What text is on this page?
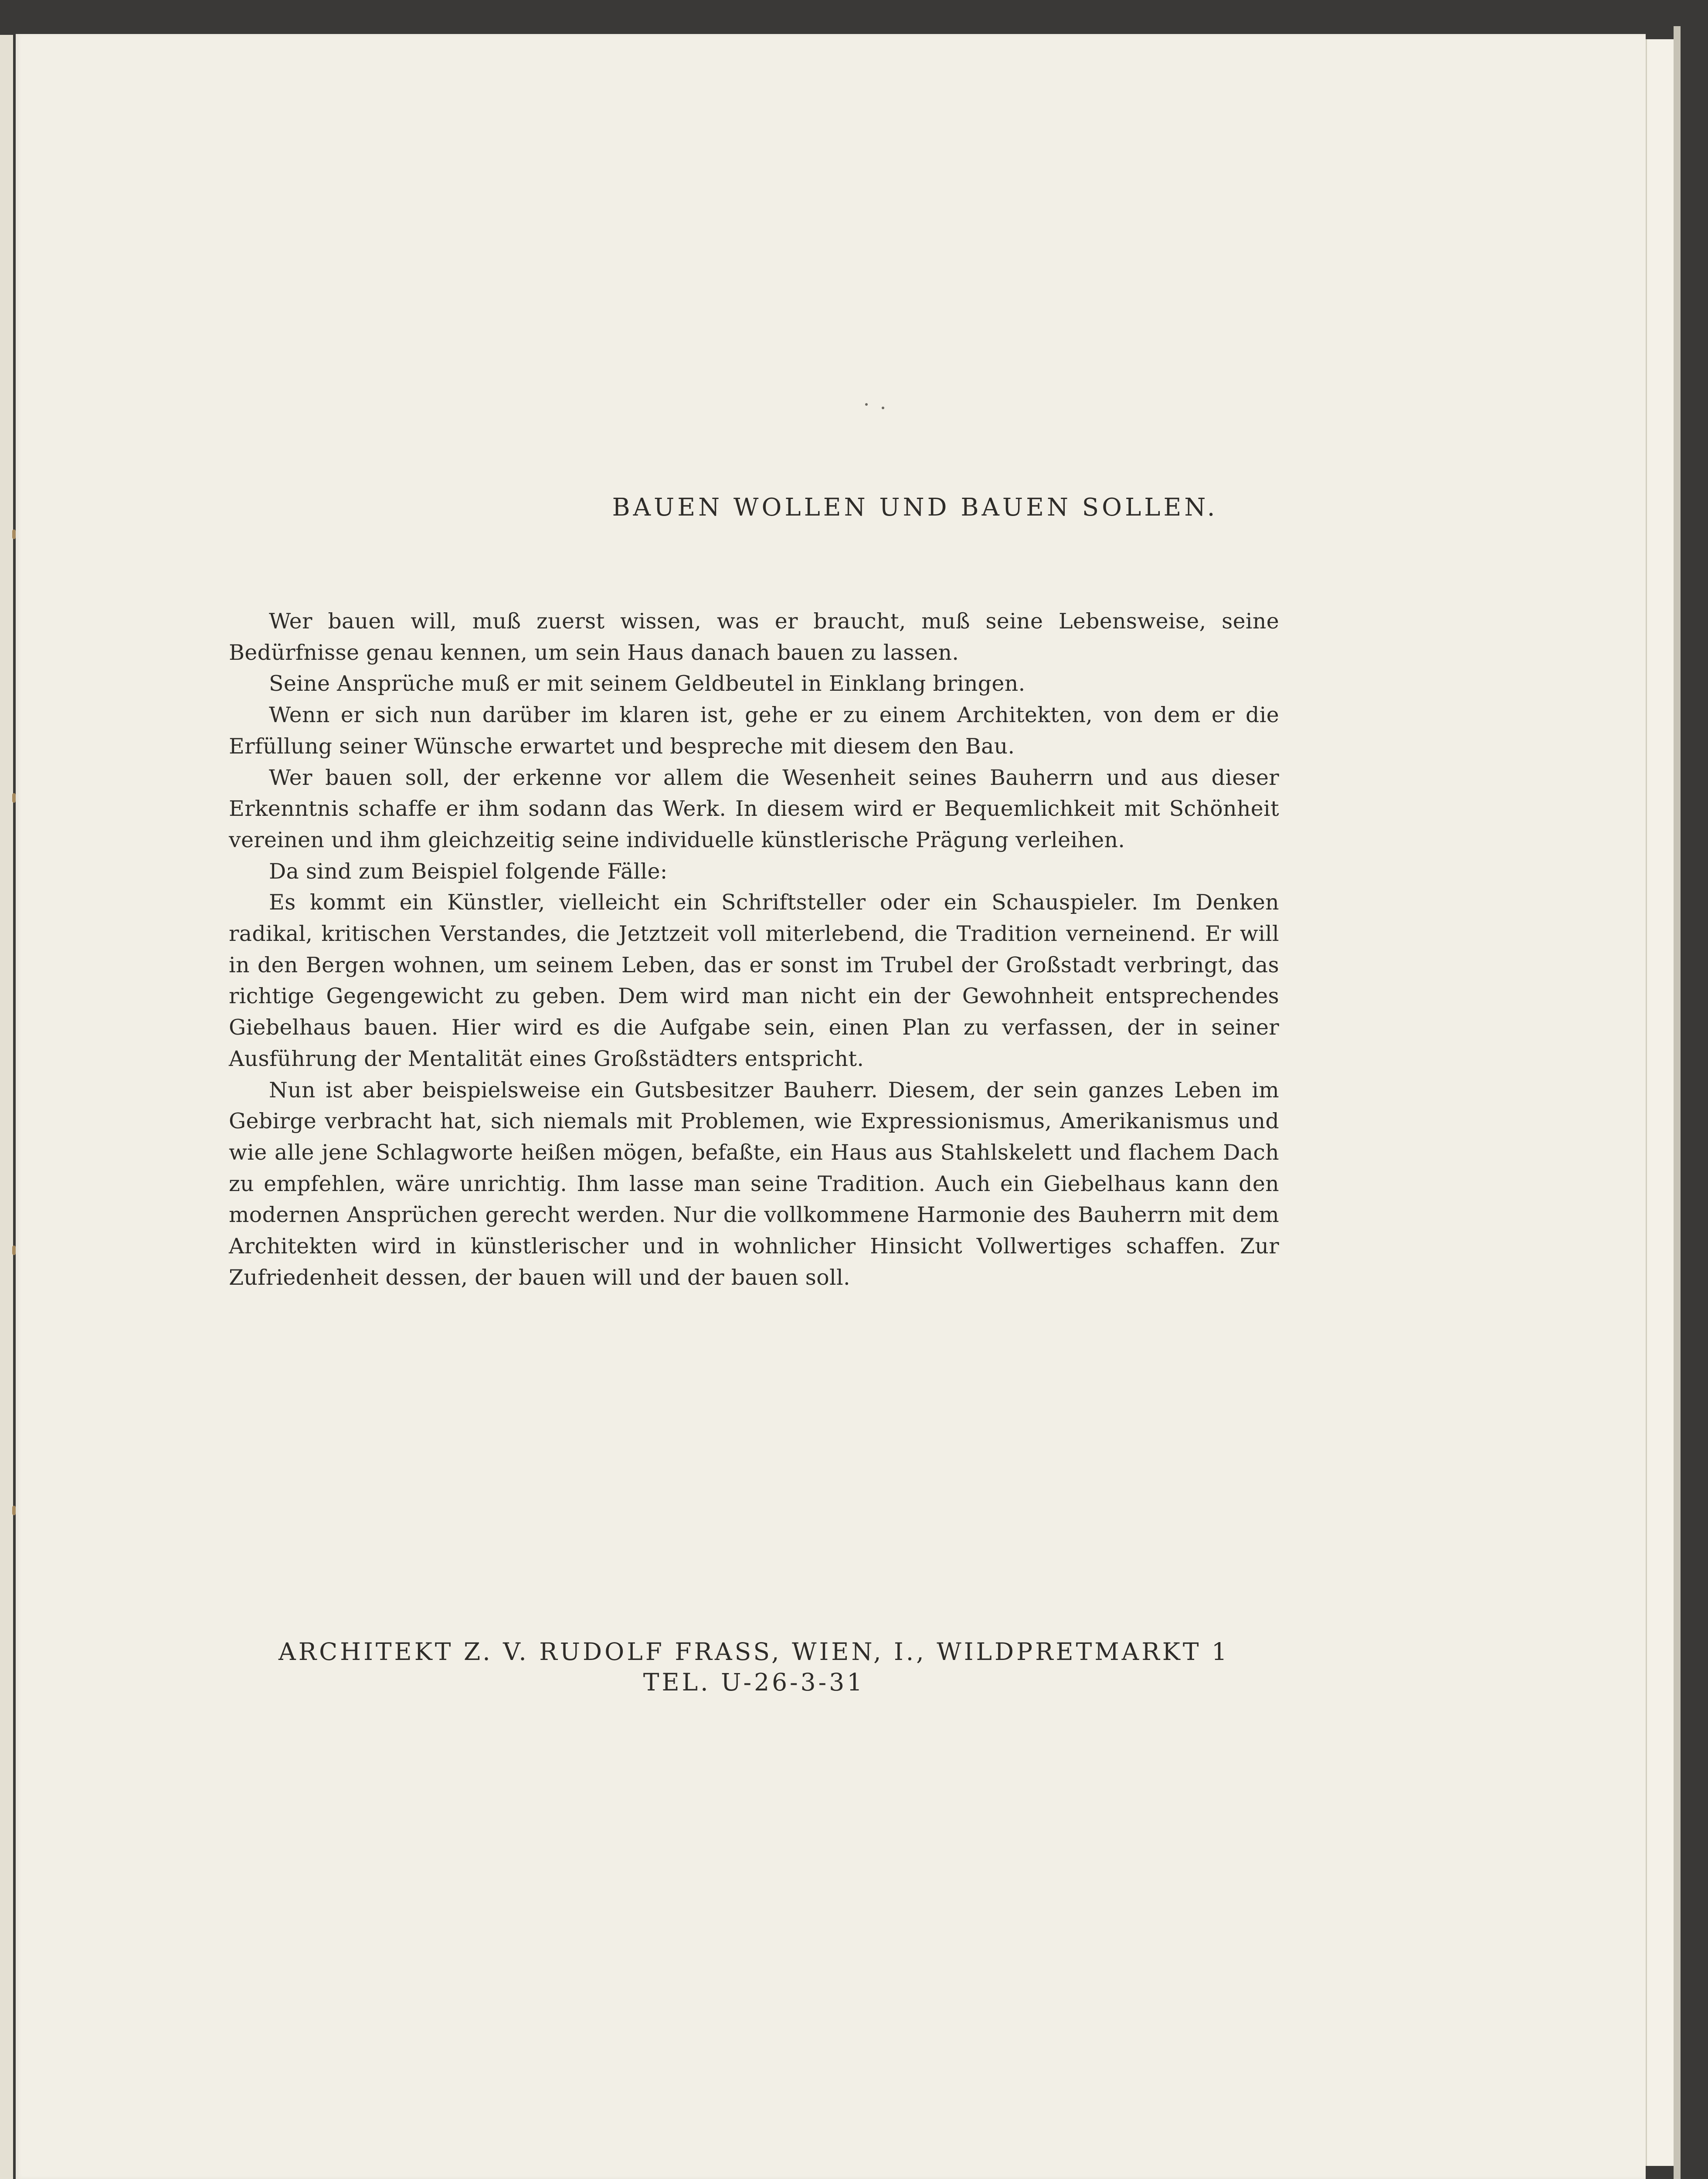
BAUEN WOLLEN UND BAUEN SOLLEN.

Wer bauen will, muß zuerst wissen, was er braucht, muß seine Lebensweise, seine Bedürfnisse genau kennen, um sein Haus danach bauen zu lassen.

Seine Ansprüche muß er mit seinem Geldbeutel in Einklang bringen.

Wenn er sich nun darüber im klaren ist, gehe er zu einem Architekten, von dem er die Erfüllung seiner Wünsche erwartet und bespreche mit diesem den Bau.

Wer bauen soll, der erkenne vor allem die Wesenheit seines Bauherrn und aus dieser Erkenntnis schaffe er ihm sodann das Werk. In diesem wird er Bequemlichkeit mit Schönheit vereinen und ihm gleichzeitig seine individuelle künstlerische Prägung verleihen.

Da sind zum Beispiel folgende Fälle:

Es kommt ein Künstler, vielleicht ein Schriftsteller oder ein Schauspieler. Im Denken radikal, kritischen Verstandes, die Jetztzeit voll miterlebend, die Tradition verneinend. Er will in den Bergen wohnen, um seinem Leben, das er sonst im Trubel der Großstadt verbringt, das richtige Gegengewicht zu geben. Dem wird man nicht ein der Gewohnheit entsprechendes Giebelhaus bauen. Hier wird es die Aufgabe sein, einen Plan zu verfassen, der in seiner Ausführung der Mentalität eines Großstädters entspricht.

Nun ist aber beispielsweise ein Gutsbesitzer Bauherr. Diesem, der sein ganzes Leben im Gebirge verbracht hat, sich niemals mit Problemen, wie Expressionismus, Amerikanismus und wie alle jene Schlagworte heißen mögen, befaßte, ein Haus aus Stahlskelett und flachem Dach zu empfehlen, wäre unrichtig. Ihm lasse man seine Tradition. Auch ein Giebelhaus kann den modernen Ansprüchen gerecht werden. Nur die vollkommene Harmonie des Bauherrn mit dem Architekten wird in künstlerischer und in wohnlicher Hinsicht Vollwertiges schaffen. Zur Zufriedenheit dessen, der bauen will und der bauen soll.

ARCHITEKT Z. V. RUDOLF FRASS, WIEN, I., WILDPRETMARKT 1
TEL. U-26-3-31
